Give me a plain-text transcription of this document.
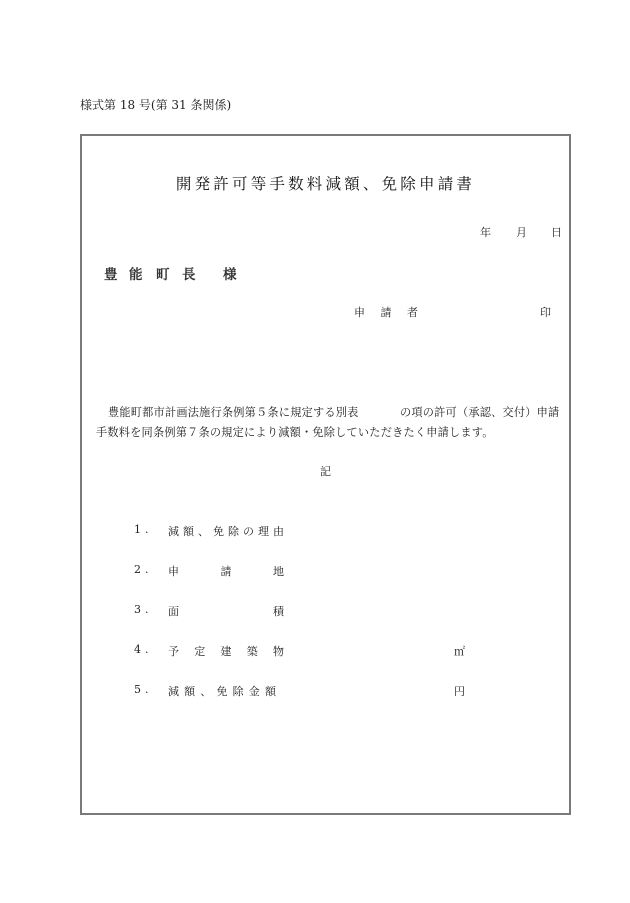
様式第 18 号(第 31 条関係)
開発許可等手数料減額、免除申請書
年 月 日
豊 能 町 長 様
申 請 者	印
豊能町都市計画法施行条例第５条に規定する別表	の項の許可（承認、交付）申請
手数料を同条例第７条の規定により減額・免除していただきたく申請します。
記
1. 減 額 、 免 除 の 理 由
2. 申	請	地
3. 面	積
4. 予 定 建 築 物	㎡
5. 減 額 、 免 除 金 額	円
